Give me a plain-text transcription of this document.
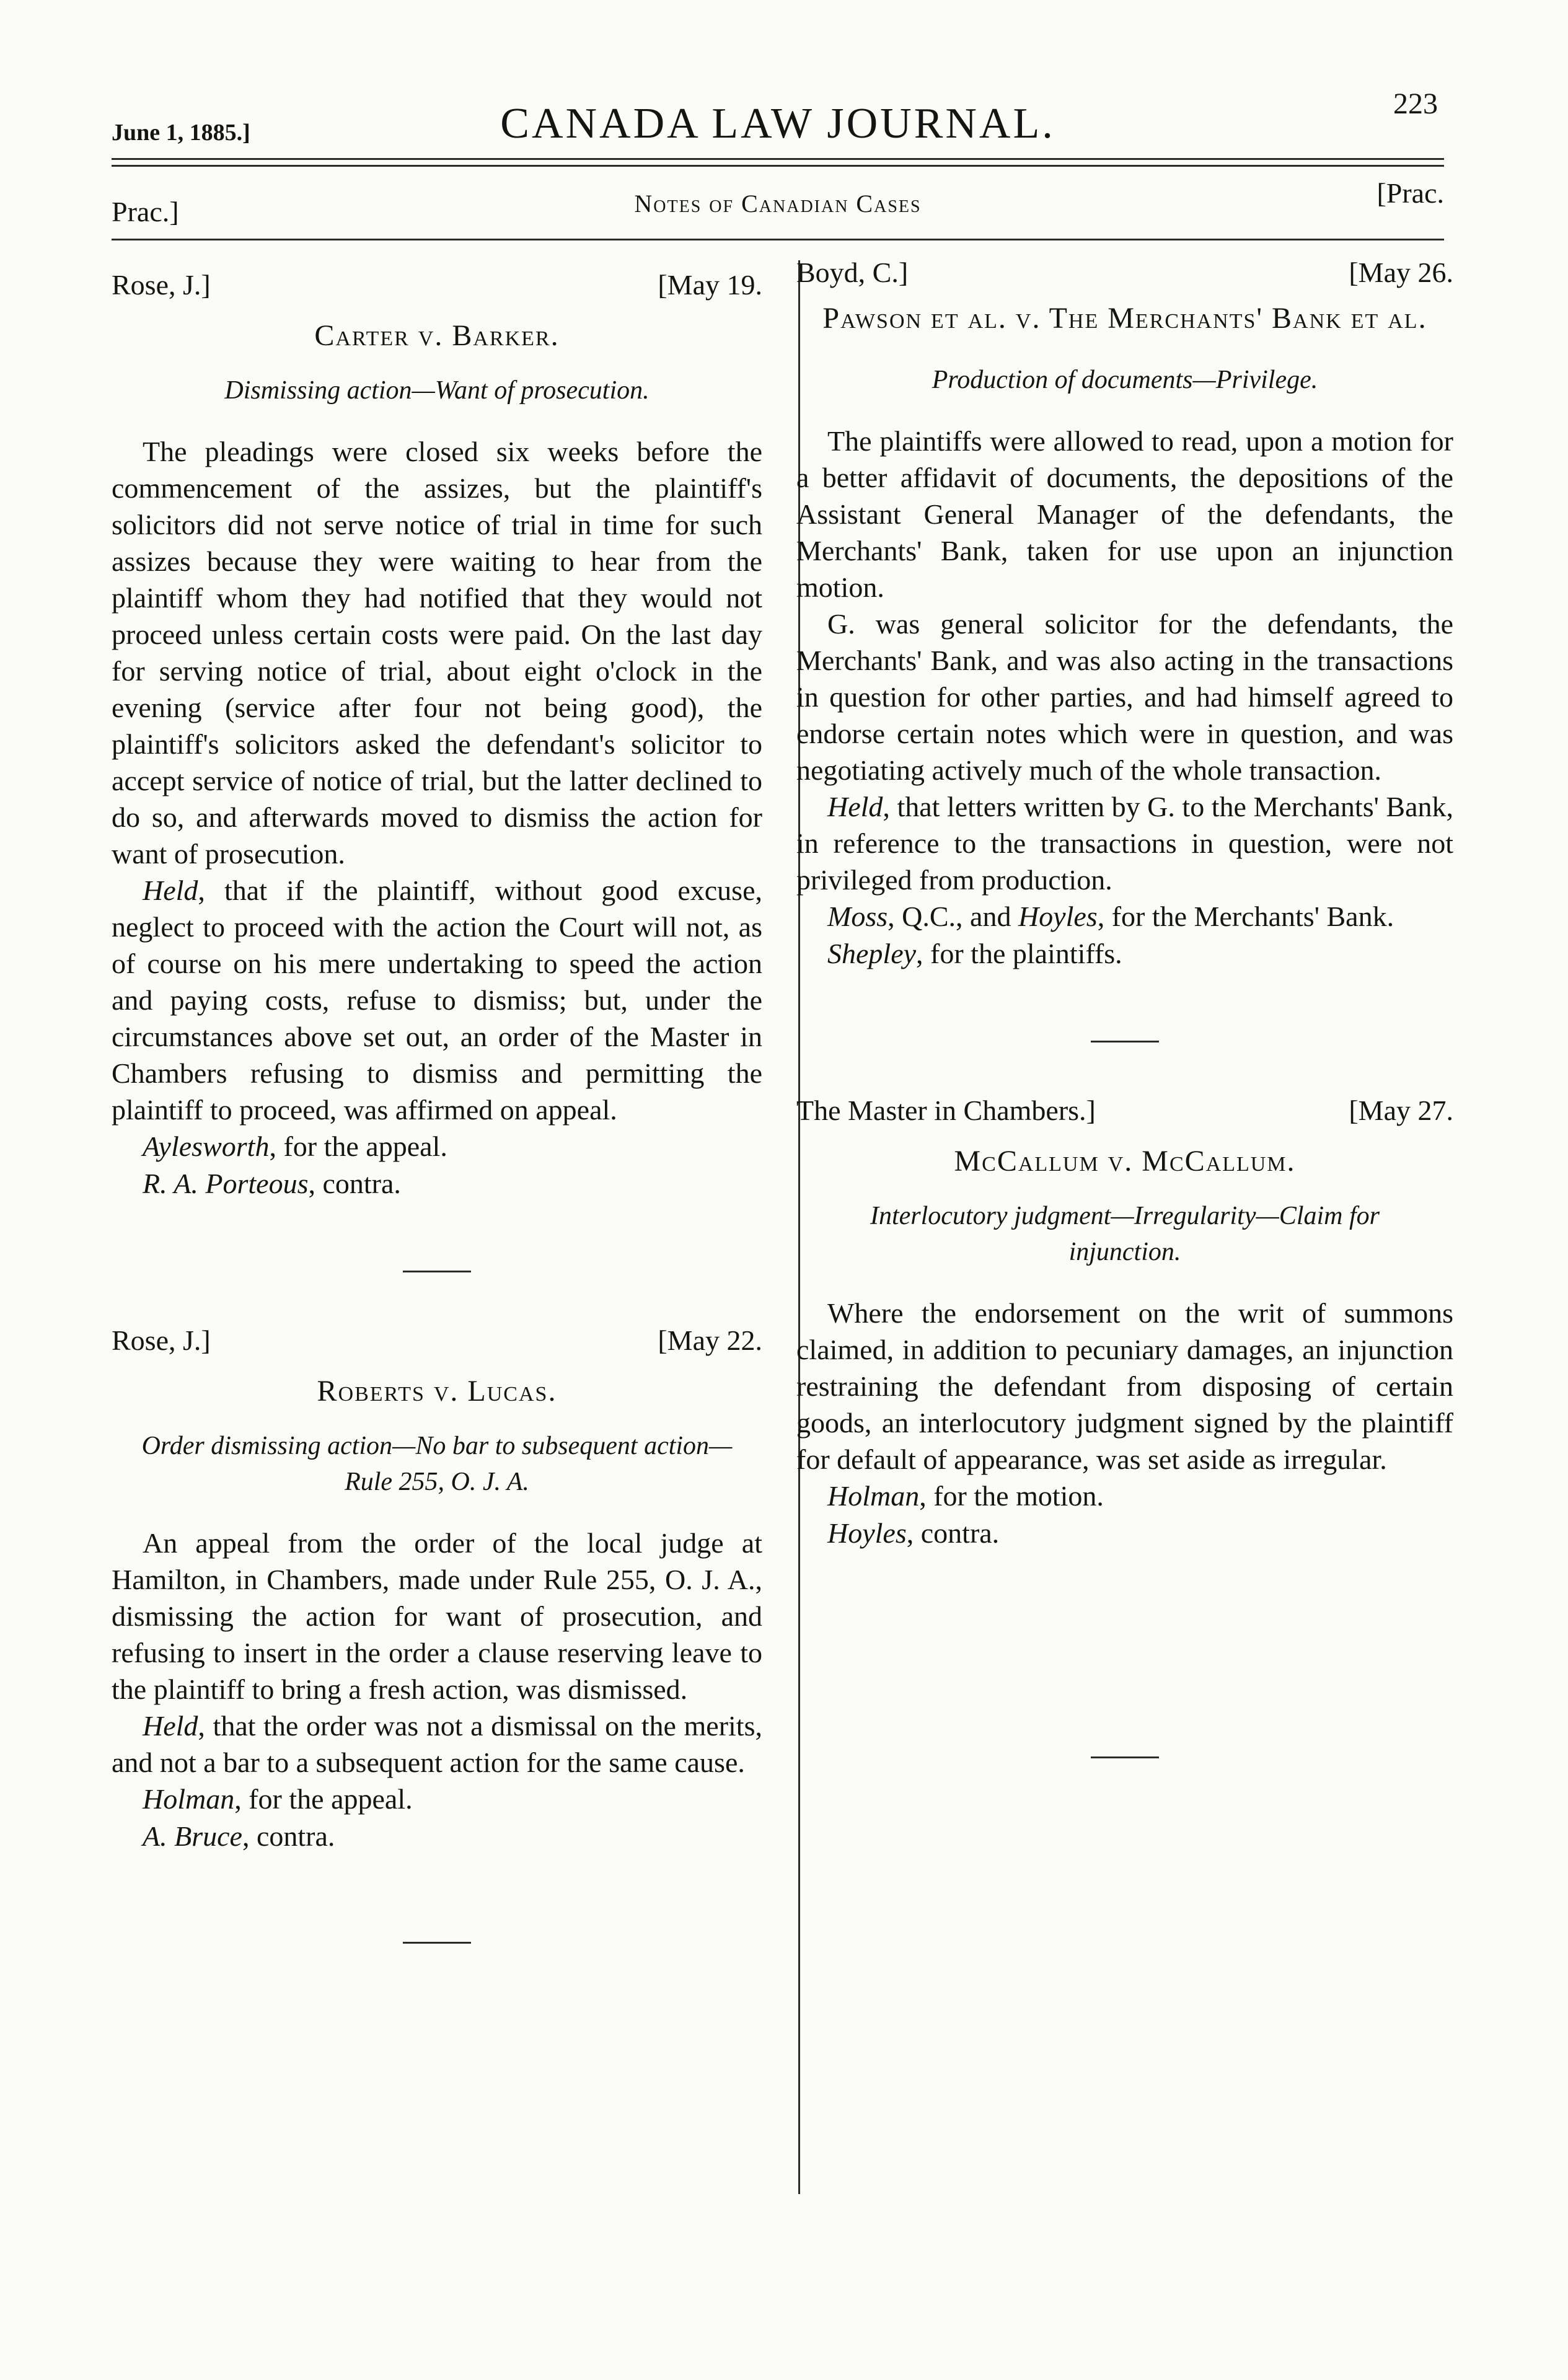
June 1, 1885.]	CANADA LAW JOURNAL.	223
Prac.]	Notes of Canadian Cases	[Prac.
Rose, J.]	[May 19.
Carter v. Barker.
Dismissing action—Want of prosecution.

The pleadings were closed six weeks before the commencement of the assizes, but the plaintiff's solicitors did not serve notice of trial in time for such assizes because they were waiting to hear from the plaintiff whom they had notified that they would not proceed unless certain costs were paid. On the last day for serving notice of trial, about eight o'clock in the evening (service after four not being good), the plaintiff's solicitors asked the defendant's solicitor to accept service of notice of trial, but the latter declined to do so, and afterwards moved to dismiss the action for want of prosecution.

Held, that if the plaintiff, without good excuse, neglect to proceed with the action the Court will not, as of course on his mere undertaking to speed the action and paying costs, refuse to dismiss; but, under the circumstances above set out, an order of the Master in Chambers refusing to dismiss and permitting the plaintiff to proceed, was affirmed on appeal.

Aylesworth, for the appeal.

R. A. Porteous, contra.

Rose, J.]	[May 22.
Roberts v. Lucas.
Order dismissing action—No bar to subsequent action—Rule 255, O. J. A.

An appeal from the order of the local judge at Hamilton, in Chambers, made under Rule 255, O. J. A., dismissing the action for want of prosecution, and refusing to insert in the order a clause reserving leave to the plaintiff to bring a fresh action, was dismissed.

Held, that the order was not a dismissal on the merits, and not a bar to a subsequent action for the same cause.

Holman, for the appeal.

A. Bruce, contra.

Boyd, C.]	[May 26.
Pawson et al. v. The Merchants' Bank et al.
Production of documents—Privilege.

The plaintiffs were allowed to read, upon a motion for a better affidavit of documents, the depositions of the Assistant General Manager of the defendants, the Merchants' Bank, taken for use upon an injunction motion.

G. was general solicitor for the defendants, the Merchants' Bank, and was also acting in the transactions in question for other parties, and had himself agreed to endorse certain notes which were in question, and was negotiating actively much of the whole transaction.

Held, that letters written by G. to the Merchants' Bank, in reference to the transactions in question, were not privileged from production.

Moss, Q.C., and Hoyles, for the Merchants' Bank.

Shepley, for the plaintiffs.

The Master in Chambers.]	[May 27.
McCallum v. McCallum.
Interlocutory judgment—Irregularity—Claim for injunction.

Where the endorsement on the writ of summons claimed, in addition to pecuniary damages, an injunction restraining the defendant from disposing of certain goods, an interlocutory judgment signed by the plaintiff for default of appearance, was set aside as irregular.

Holman, for the motion.

Hoyles, contra.
